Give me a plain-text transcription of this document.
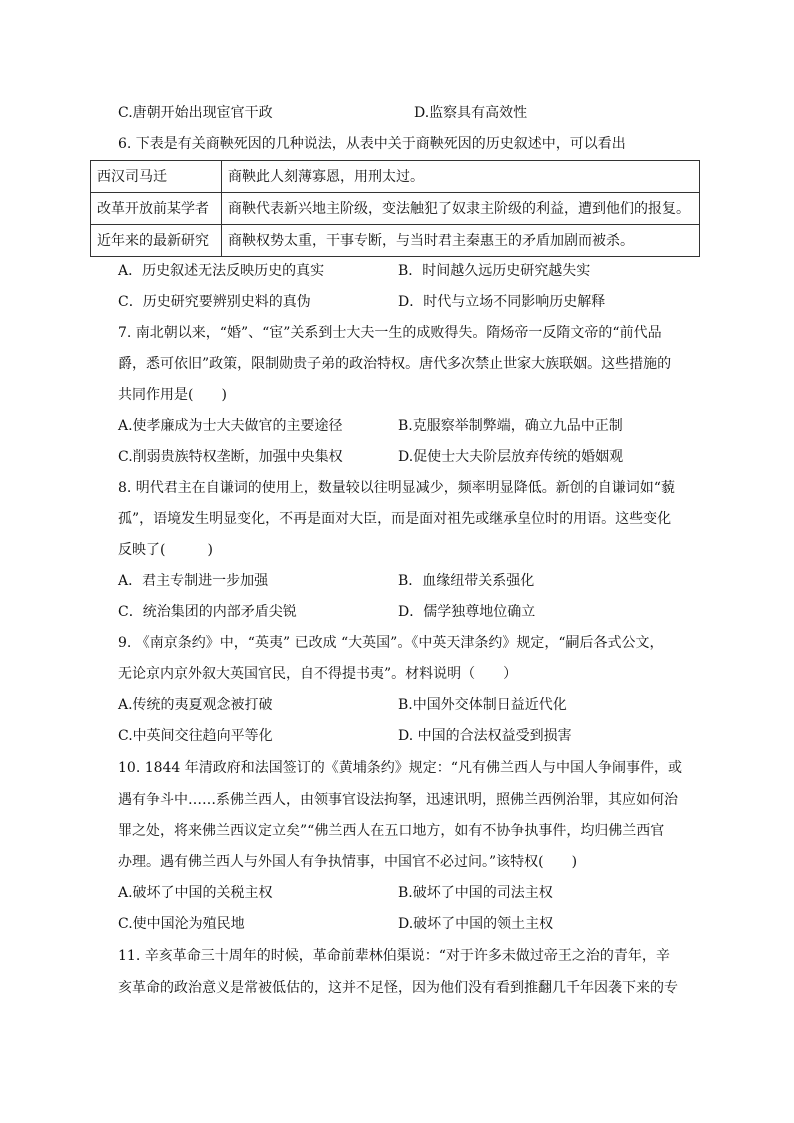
C.唐朝开始出现宦官干政	D.监察具有高效性
6. 下表是有关商鞅死因的几种说法，从表中关于商鞅死因的历史叙述中，可以看出
西汉司马迁	商鞅此人刻薄寡恩，用刑太过。
改革开放前某学者	商鞅代表新兴地主阶级，变法触犯了奴隶主阶级的利益，遭到他们的报复。
近年来的最新研究	商鞅权势太重，干事专断，与当时君主秦惠王的矛盾加剧而被杀。
A．历史叙述无法反映历史的真实	B．时间越久远历史研究越失实
C．历史研究要辨别史料的真伪	D．时代与立场不同影响历史解释
7. 南北朝以来，“婚”、“宦”关系到士大夫一生的成败得失。隋炀帝一反隋文帝的“前代品
爵，悉可依旧”政策，限制勋贵子弟的政治特权。唐代多次禁止世家大族联姻。这些措施的
共同作用是(　　)
A.使孝廉成为士大夫做官的主要途径	B.克服察举制弊端，确立九品中正制
C.削弱贵族特权垄断，加强中央集权	D.促使士大夫阶层放弃传统的婚姻观
8. 明代君主在自谦词的使用上，数量较以往明显减少，频率明显降低。新创的自谦词如“藐
孤”，语境发生明显变化，不再是面对大臣，而是面对祖先或继承皇位时的用语。这些变化
反映了(　　　)
A．君主专制进一步加强	B．血缘纽带关系强化
C．统治集团的内部矛盾尖锐	D．儒学独尊地位确立
9. 《南京条约》中，“英夷” 已改成 “大英国”。《中英天津条约》规定，“嗣后各式公文，
无论京内京外叙大英国官民，自不得提书夷”。材料说明（　　）
A.传统的夷夏观念被打破	B.中国外交体制日益近代化
C.中英间交往趋向平等化	D. 中国的合法权益受到损害
10. 1844 年清政府和法国签订的《黄埔条约》规定：“凡有佛兰西人与中国人争闹事件，或
遇有争斗中……系佛兰西人，由领事官设法拘拏，迅速讯明，照佛兰西例治罪，其应如何治
罪之处，将来佛兰西议定立矣”“佛兰西人在五口地方，如有不协争执事件，均归佛兰西官
办理。遇有佛兰西人与外国人有争执情事，中国官不必过问。”该特权(　　)
A.破坏了中国的关税主权	B.破坏了中国的司法主权
C.使中国沦为殖民地	D.破坏了中国的领土主权
11. 辛亥革命三十周年的时候，革命前辈林伯渠说：“对于许多未做过帝王之治的青年，辛
亥革命的政治意义是常被低估的，这并不足怪，因为他们没有看到推翻几千年因袭下来的专
